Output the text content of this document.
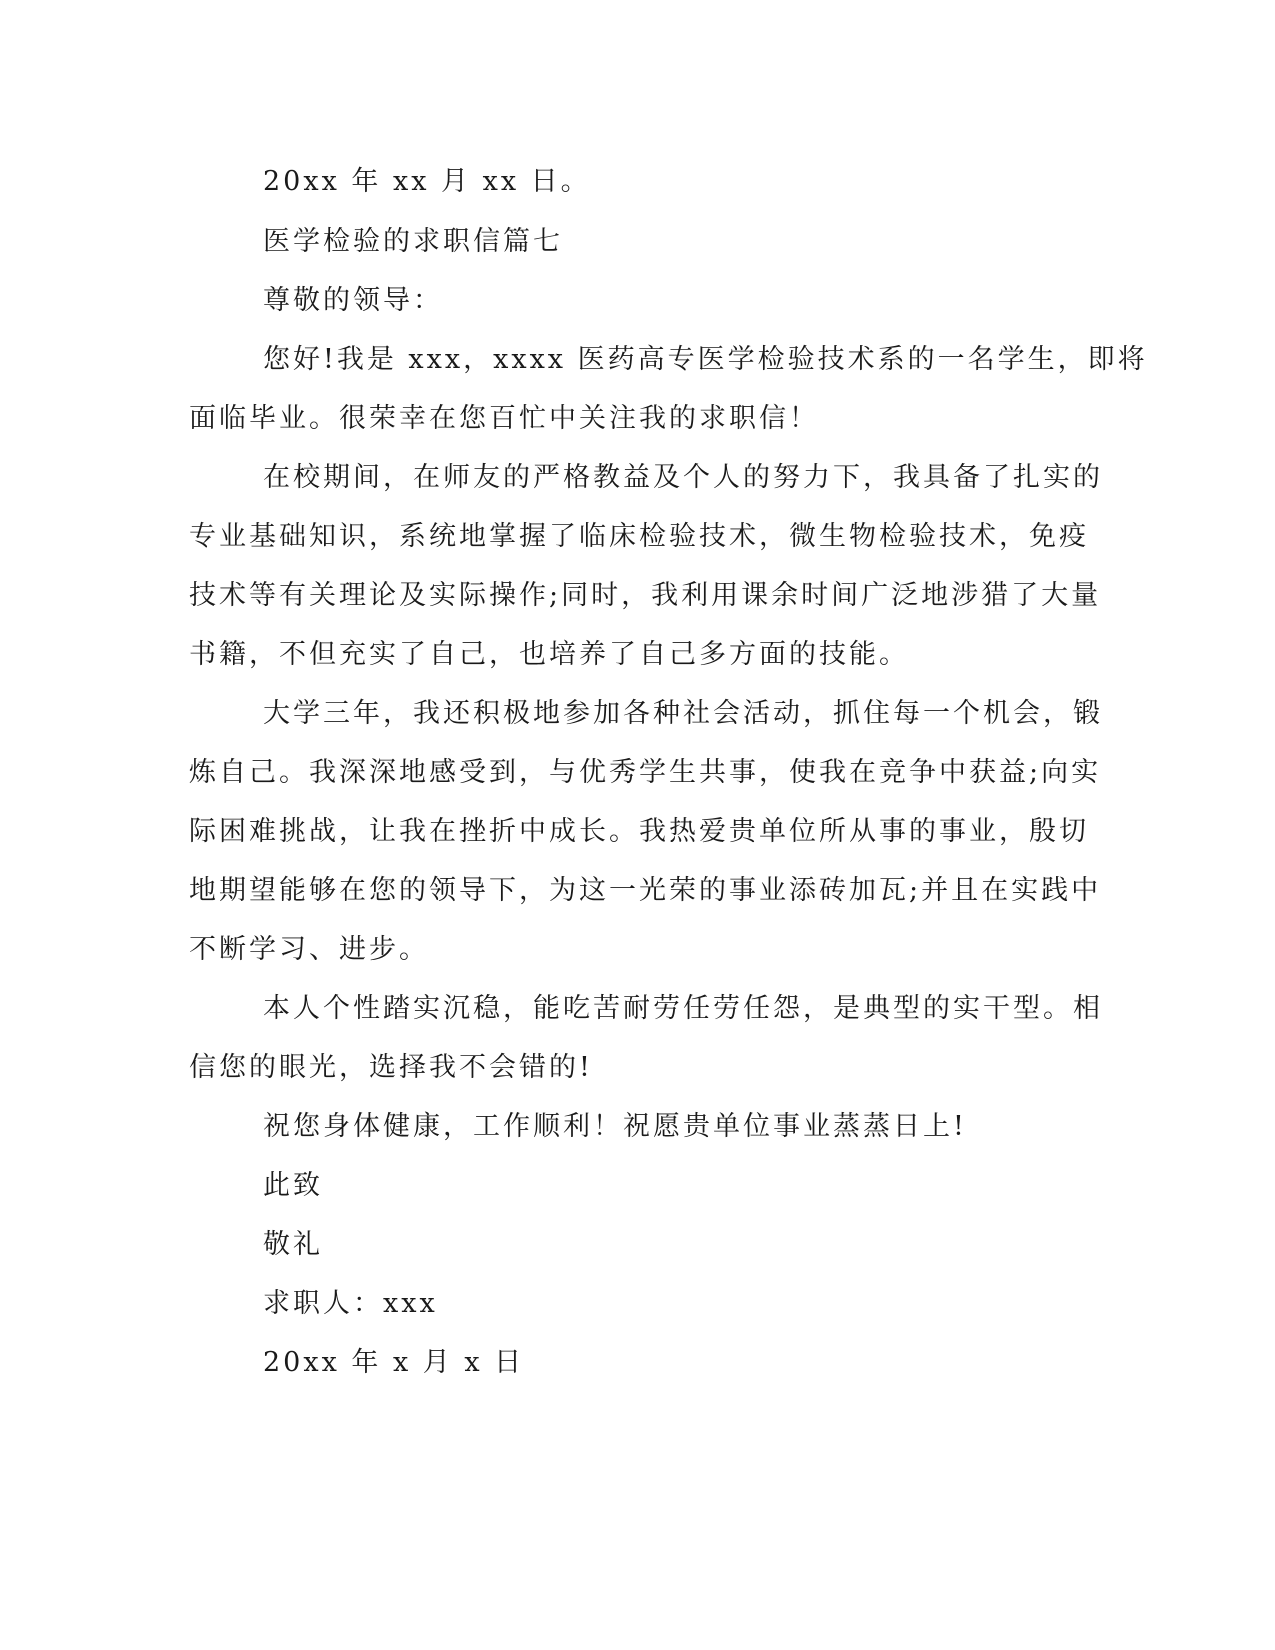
20xx 年 xx 月 xx 日。
医学检验的求职信篇七
尊敬的领导：
您好!我是 xxx，xxxx 医药高专医学检验技术系的一名学生，即将
面临毕业。很荣幸在您百忙中关注我的求职信！
在校期间，在师友的严格教益及个人的努力下，我具备了扎实的
专业基础知识，系统地掌握了临床检验技术，微生物检验技术，免疫
技术等有关理论及实际操作;同时，我利用课余时间广泛地涉猎了大量
书籍，不但充实了自己，也培养了自己多方面的技能。
大学三年，我还积极地参加各种社会活动，抓住每一个机会，锻
炼自己。我深深地感受到，与优秀学生共事，使我在竞争中获益;向实
际困难挑战，让我在挫折中成长。我热爱贵单位所从事的事业，殷切
地期望能够在您的领导下，为这一光荣的事业添砖加瓦;并且在实践中
不断学习、进步。
本人个性踏实沉稳，能吃苦耐劳任劳任怨，是典型的实干型。相
信您的眼光，选择我不会错的!
祝您身体健康，工作顺利！祝愿贵单位事业蒸蒸日上!
此致
敬礼
求职人：xxx
20xx 年 x 月 x 日
